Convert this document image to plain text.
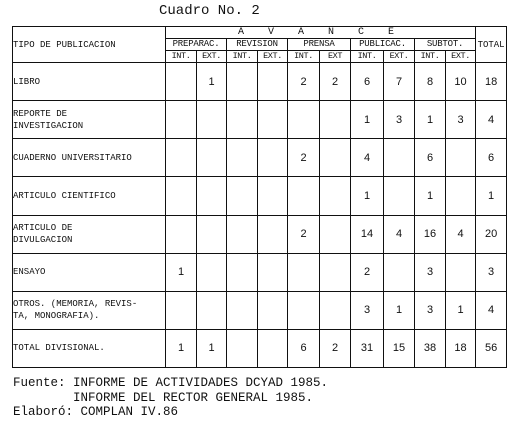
Cuadro No. 2
TIPO DE PUBLICACION	A V A N C E										TOTAL
	PREPARAC.		REVISION		PRENSA		PUBLICAC.		SUBTOT.		
	INT.	EXT.	INT.	EXT.	INT.	EXT	INT.	EXT.	INT.	EXT.	
LIBRO		1			2	2	6	7	8	10	18
REPORTE DE
INVESTIGACION							1	3	1	3	4
CUADERNO UNIVERSITARIO					2		4		6		6
ARTICULO CIENTIFICO							1		1		1
ARTICULO DE
DIVULGACION					2		14	4	16	4	20
ENSAYO	1						2		3		3
OTROS. (MEMORIA, REVIS-
TA, MONOGRAFIA).							3	1	3	1	4
TOTAL DIVISIONAL.	1	1			6	2	31	15	38	18	56
Fuente: INFORME DE ACTIVIDADES DCYAD 1985.
INFORME DEL RECTOR GENERAL 1985.
Elaboró: COMPLAN IV.86
